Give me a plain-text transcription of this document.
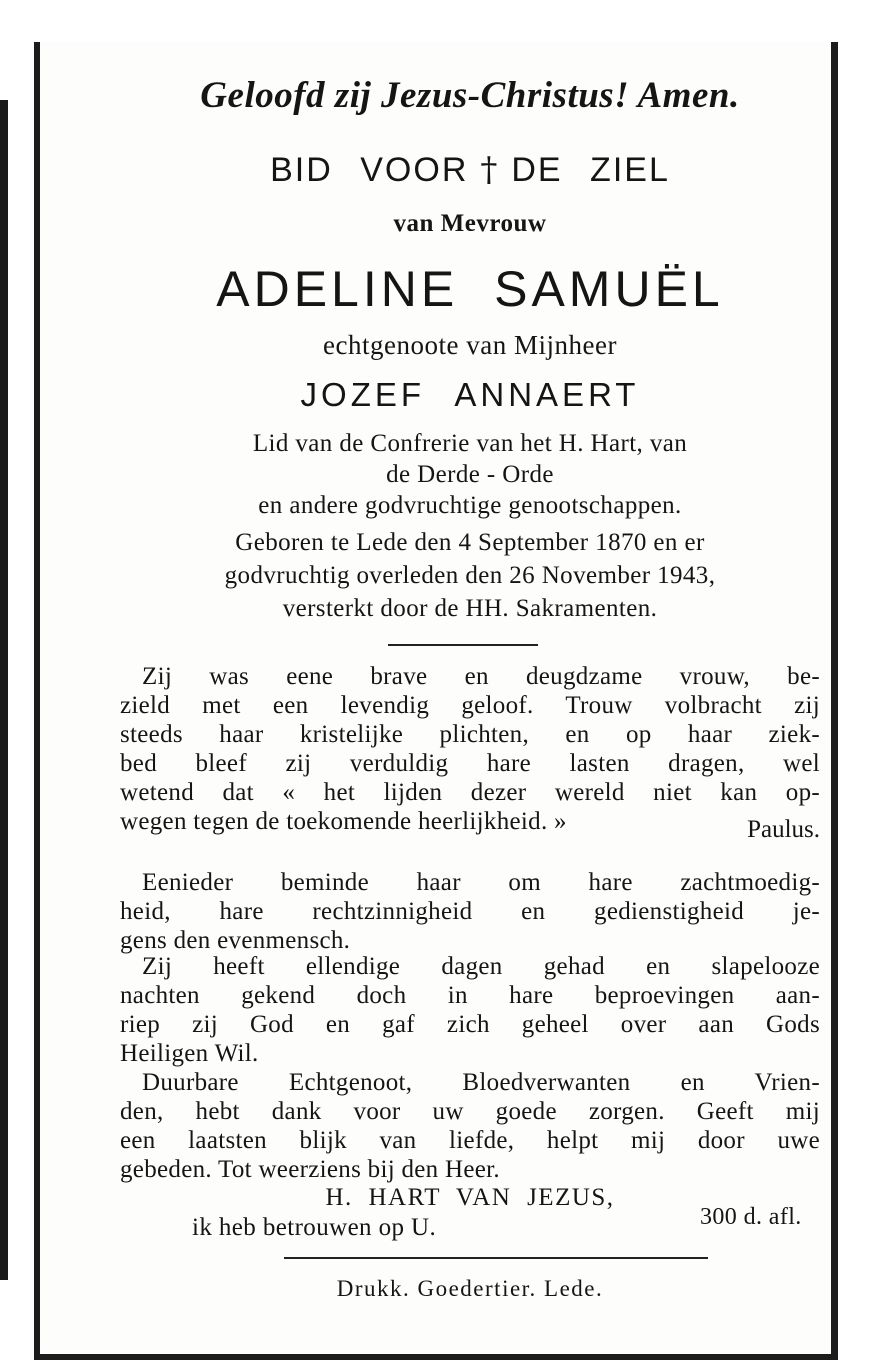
Geloofd zij Jezus-Christus! Amen.
BID VOOR † DE ZIEL
van Mevrouw
ADELINE SAMUËL
echtgenoote van Mijnheer
JOZEF ANNAERT
Lid van de Confrerie van het H. Hart, van
de Derde - Orde
en andere godvruchtige genootschappen.
Geboren te Lede den 4 September 1870 en er
godvruchtig overleden den 26 November 1943,
versterkt door de HH. Sakramenten.
Zij was eene brave en deugdzame vrouw, be-
zield met een levendig geloof. Trouw volbracht zij
steeds haar kristelijke plichten, en op haar ziek-
bed bleef zij verduldig hare lasten dragen, wel
wetend dat « het lijden dezer wereld niet kan op-
wegen tegen de toekomende heerlijkheid. »	Paulus.
Eenieder beminde haar om hare zachtmoedig-
heid, hare rechtzinnigheid en gedienstigheid je-
gens den evenmensch.
Zij heeft ellendige dagen gehad en slapelooze
nachten gekend doch in hare beproevingen aan-
riep zij God en gaf zich geheel over aan Gods
Heiligen Wil.
Duurbare Echtgenoot, Bloedverwanten en Vrien-
den, hebt dank voor uw goede zorgen. Geeft mij
een laatsten blijk van liefde, helpt mij door uwe
gebeden. Tot weerziens bij den Heer.
H. HART VAN JEZUS,
ik heb betrouwen op U.	300 d. afl.
Drukk. Goedertier. Lede.
